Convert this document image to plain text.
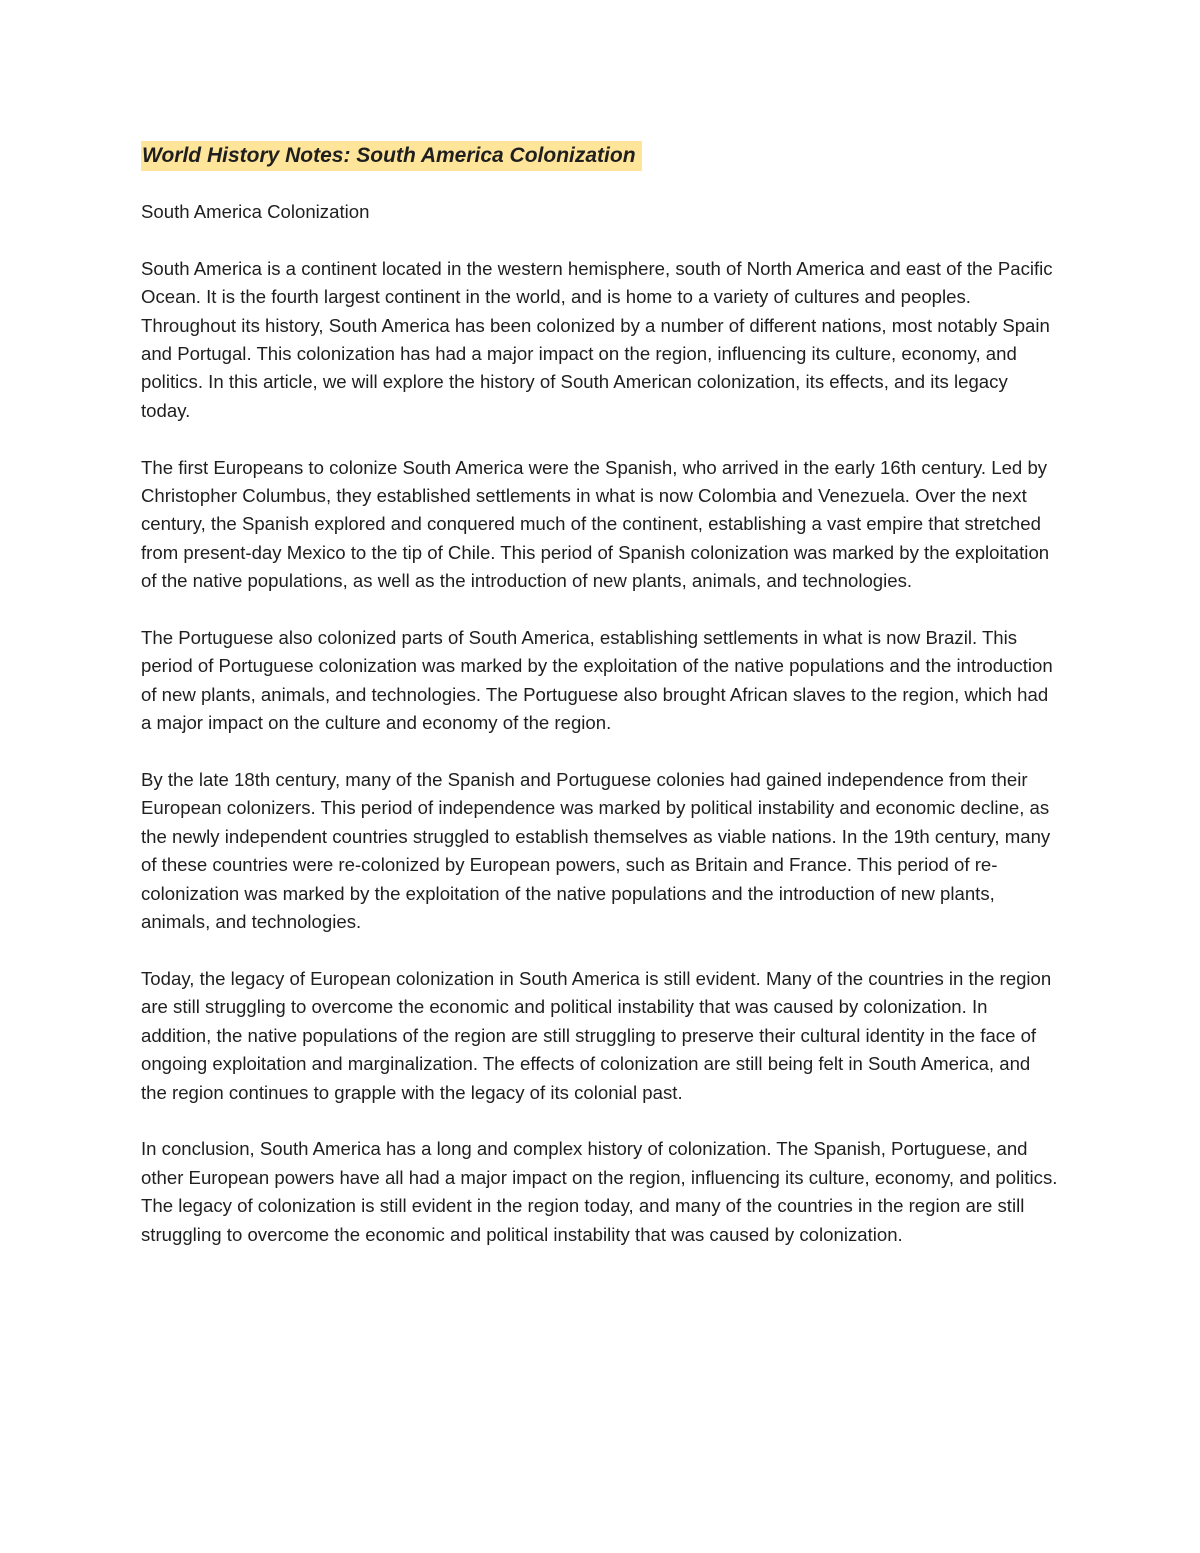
World History Notes: South America Colonization

South America Colonization

South America is a continent located in the western hemisphere, south of North America and east of the Pacific Ocean. It is the fourth largest continent in the world, and is home to a variety of cultures and peoples. Throughout its history, South America has been colonized by a number of different nations, most notably Spain and Portugal. This colonization has had a major impact on the region, influencing its culture, economy, and politics. In this article, we will explore the history of South American colonization, its effects, and its legacy today.

The first Europeans to colonize South America were the Spanish, who arrived in the early 16th century. Led by Christopher Columbus, they established settlements in what is now Colombia and Venezuela. Over the next century, the Spanish explored and conquered much of the continent, establishing a vast empire that stretched from present-day Mexico to the tip of Chile. This period of Spanish colonization was marked by the exploitation of the native populations, as well as the introduction of new plants, animals, and technologies.

The Portuguese also colonized parts of South America, establishing settlements in what is now Brazil. This period of Portuguese colonization was marked by the exploitation of the native populations and the introduction of new plants, animals, and technologies. The Portuguese also brought African slaves to the region, which had a major impact on the culture and economy of the region.

By the late 18th century, many of the Spanish and Portuguese colonies had gained independence from their European colonizers. This period of independence was marked by political instability and economic decline, as the newly independent countries struggled to establish themselves as viable nations. In the 19th century, many of these countries were re-colonized by European powers, such as Britain and France. This period of re-colonization was marked by the exploitation of the native populations and the introduction of new plants, animals, and technologies.

Today, the legacy of European colonization in South America is still evident. Many of the countries in the region are still struggling to overcome the economic and political instability that was caused by colonization. In addition, the native populations of the region are still struggling to preserve their cultural identity in the face of ongoing exploitation and marginalization. The effects of colonization are still being felt in South America, and the region continues to grapple with the legacy of its colonial past.

In conclusion, South America has a long and complex history of colonization. The Spanish, Portuguese, and other European powers have all had a major impact on the region, influencing its culture, economy, and politics. The legacy of colonization is still evident in the region today, and many of the countries in the region are still struggling to overcome the economic and political instability that was caused by colonization.
